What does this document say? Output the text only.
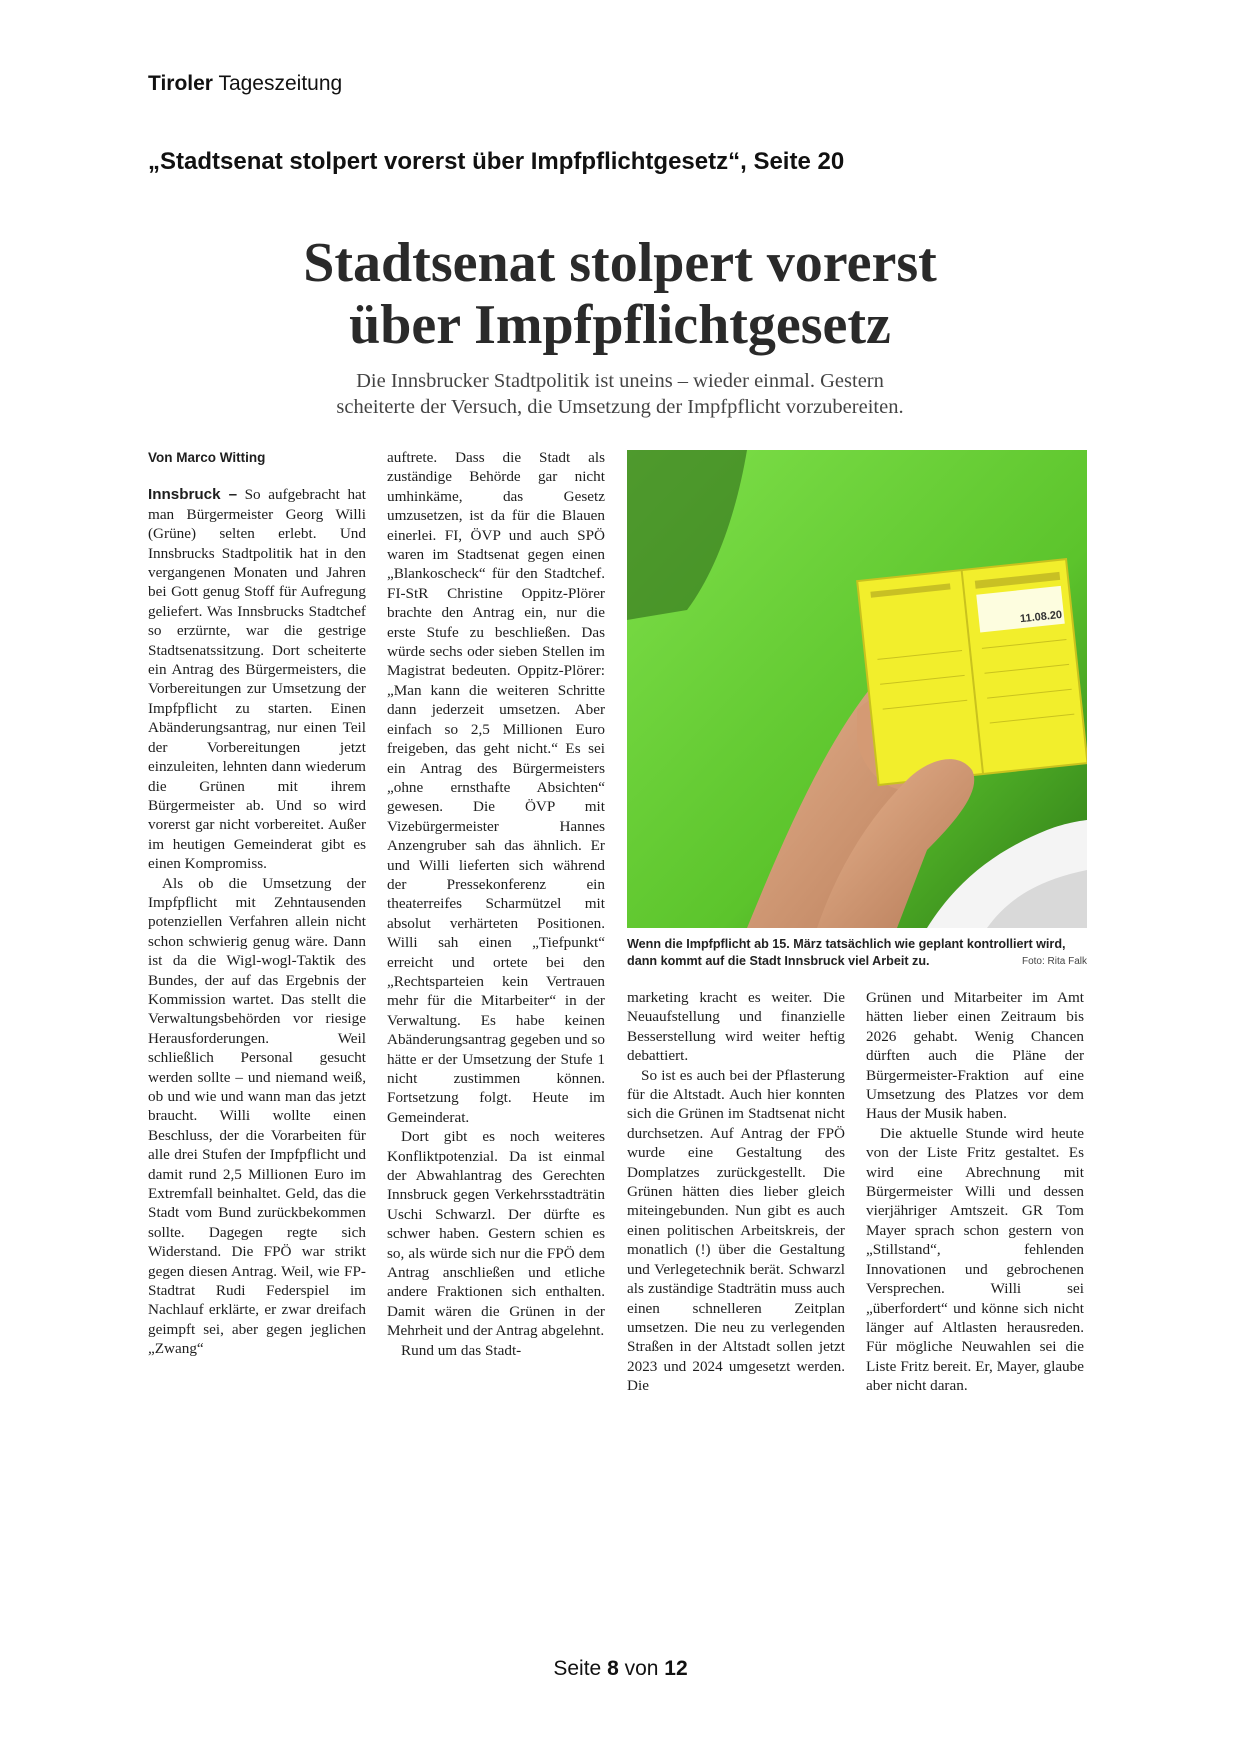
Tiroler Tageszeitung
„Stadtsenat stolpert vorerst über Impfpflichtgesetz“, Seite 20
Stadtsenat stolpert vorerst
über Impfpflichtgesetz
Die Innsbrucker Stadtpolitik ist uneins – wieder einmal. Gestern
scheiterte der Versuch, die Umsetzung der Impfpflicht vorzubereiten.
Von Marco Witting

Innsbruck – So aufgebracht hat man Bürgermeister Georg Willi (Grüne) selten erlebt. Und Innsbrucks Stadtpolitik hat in den vergangenen Monaten und Jahren bei Gott genug Stoff für Aufregung geliefert. Was Innsbrucks Stadtchef so erzürnte, war die gestrige Stadtsenatssitzung. Dort scheiterte ein Antrag des Bürgermeisters, die Vorbereitungen zur Umsetzung der Impfpflicht zu starten. Einen Abänderungsantrag, nur einen Teil der Vorbereitungen jetzt einzuleiten, lehnten dann wiederum die Grünen mit ihrem Bürgermeister ab. Und so wird vorerst gar nicht vorbereitet. Außer im heutigen Gemeinderat gibt es einen Kompromiss.

Als ob die Umsetzung der Impfpflicht mit Zehntausenden potenziellen Verfahren allein nicht schon schwierig genug wäre. Dann ist da die Wigl-wogl-Taktik des Bundes, der auf das Ergebnis der Kommission wartet. Das stellt die Verwaltungsbehörden vor riesige Herausforderungen. Weil schließlich Personal gesucht werden sollte – und niemand weiß, ob und wie und wann man das jetzt braucht. Willi wollte einen Beschluss, der die Vorarbeiten für alle drei Stufen der Impfpflicht und damit rund 2,5 Millionen Euro im Extremfall beinhaltet. Geld, das die Stadt vom Bund zurückbekommen sollte. Dagegen regte sich Widerstand. Die FPÖ war strikt gegen diesen Antrag. Weil, wie FP-Stadtrat Rudi Federspiel im Nachlauf erklärte, er zwar dreifach geimpft sei, aber gegen jeglichen „Zwang“

auftrete. Dass die Stadt als zuständige Behörde gar nicht umhinkäme, das Gesetz umzusetzen, ist da für die Blauen einerlei. FI, ÖVP und auch SPÖ waren im Stadtsenat gegen einen „Blankoscheck“ für den Stadtchef. FI-StR Christine Oppitz-Plörer brachte den Antrag ein, nur die erste Stufe zu beschließen. Das würde sechs oder sieben Stellen im Magistrat bedeuten. Oppitz-Plörer: „Man kann die weiteren Schritte dann jederzeit umsetzen. Aber einfach so 2,5 Millionen Euro freigeben, das geht nicht.“ Es sei ein Antrag des Bürgermeisters „ohne ernsthafte Absichten“ gewesen. Die ÖVP mit Vizebürgermeister Hannes Anzengruber sah das ähnlich. Er und Willi lieferten sich während der Pressekonferenz ein theaterreifes Scharmützel mit absolut verhärteten Positionen. Willi sah einen „Tiefpunkt“ erreicht und ortete bei den „Rechtsparteien kein Vertrauen mehr für die Mitarbeiter“ in der Verwaltung. Es habe keinen Abänderungsantrag gegeben und so hätte er der Umsetzung der Stufe 1 nicht zustimmen können. Fortsetzung folgt. Heute im Gemeinderat.

Dort gibt es noch weiteres Konfliktpotenzial. Da ist einmal der Abwahlantrag des Gerechten Innsbruck gegen Verkehrsstadträtin Uschi Schwarzl. Der dürfte es schwer haben. Gestern schien es so, als würde sich nur die FPÖ dem Antrag anschließen und etliche andere Fraktionen sich enthalten. Damit wären die Grünen in der Mehrheit und der Antrag abgelehnt.

Rund um das Stadt-

11.08.20
Wenn die Impfpflicht ab 15. März tatsächlich wie geplant kontrolliert wird, dann kommt auf die Stadt Innsbruck viel Arbeit zu.	Foto: Rita Falk

marketing kracht es weiter. Die Neuaufstellung und finanzielle Besserstellung wird weiter heftig debattiert.

So ist es auch bei der Pflasterung für die Altstadt. Auch hier konnten sich die Grünen im Stadtsenat nicht durchsetzen. Auf Antrag der FPÖ wurde eine Gestaltung des Domplatzes zurückgestellt. Die Grünen hätten dies lieber gleich miteingebunden. Nun gibt es auch einen politischen Arbeitskreis, der monatlich (!) über die Gestaltung und Verlegetechnik berät. Schwarzl als zuständige Stadträtin muss auch einen schnelleren Zeitplan umsetzen. Die neu zu verlegenden Straßen in der Altstadt sollen jetzt 2023 und 2024 umgesetzt werden. Die

Grünen und Mitarbeiter im Amt hätten lieber einen Zeitraum bis 2026 gehabt. Wenig Chancen dürften auch die Pläne der Bürgermeister-Fraktion auf eine Umsetzung des Platzes vor dem Haus der Musik haben.

Die aktuelle Stunde wird heute von der Liste Fritz gestaltet. Es wird eine Abrechnung mit Bürgermeister Willi und dessen vierjähriger Amtszeit. GR Tom Mayer sprach schon gestern von „Stillstand“, fehlenden Innovationen und gebrochenen Versprechen. Willi sei „überfordert“ und könne sich nicht länger auf Altlasten herausreden. Für mögliche Neuwahlen sei die Liste Fritz bereit. Er, Mayer, glaube aber nicht daran.

Seite 8 von 12
